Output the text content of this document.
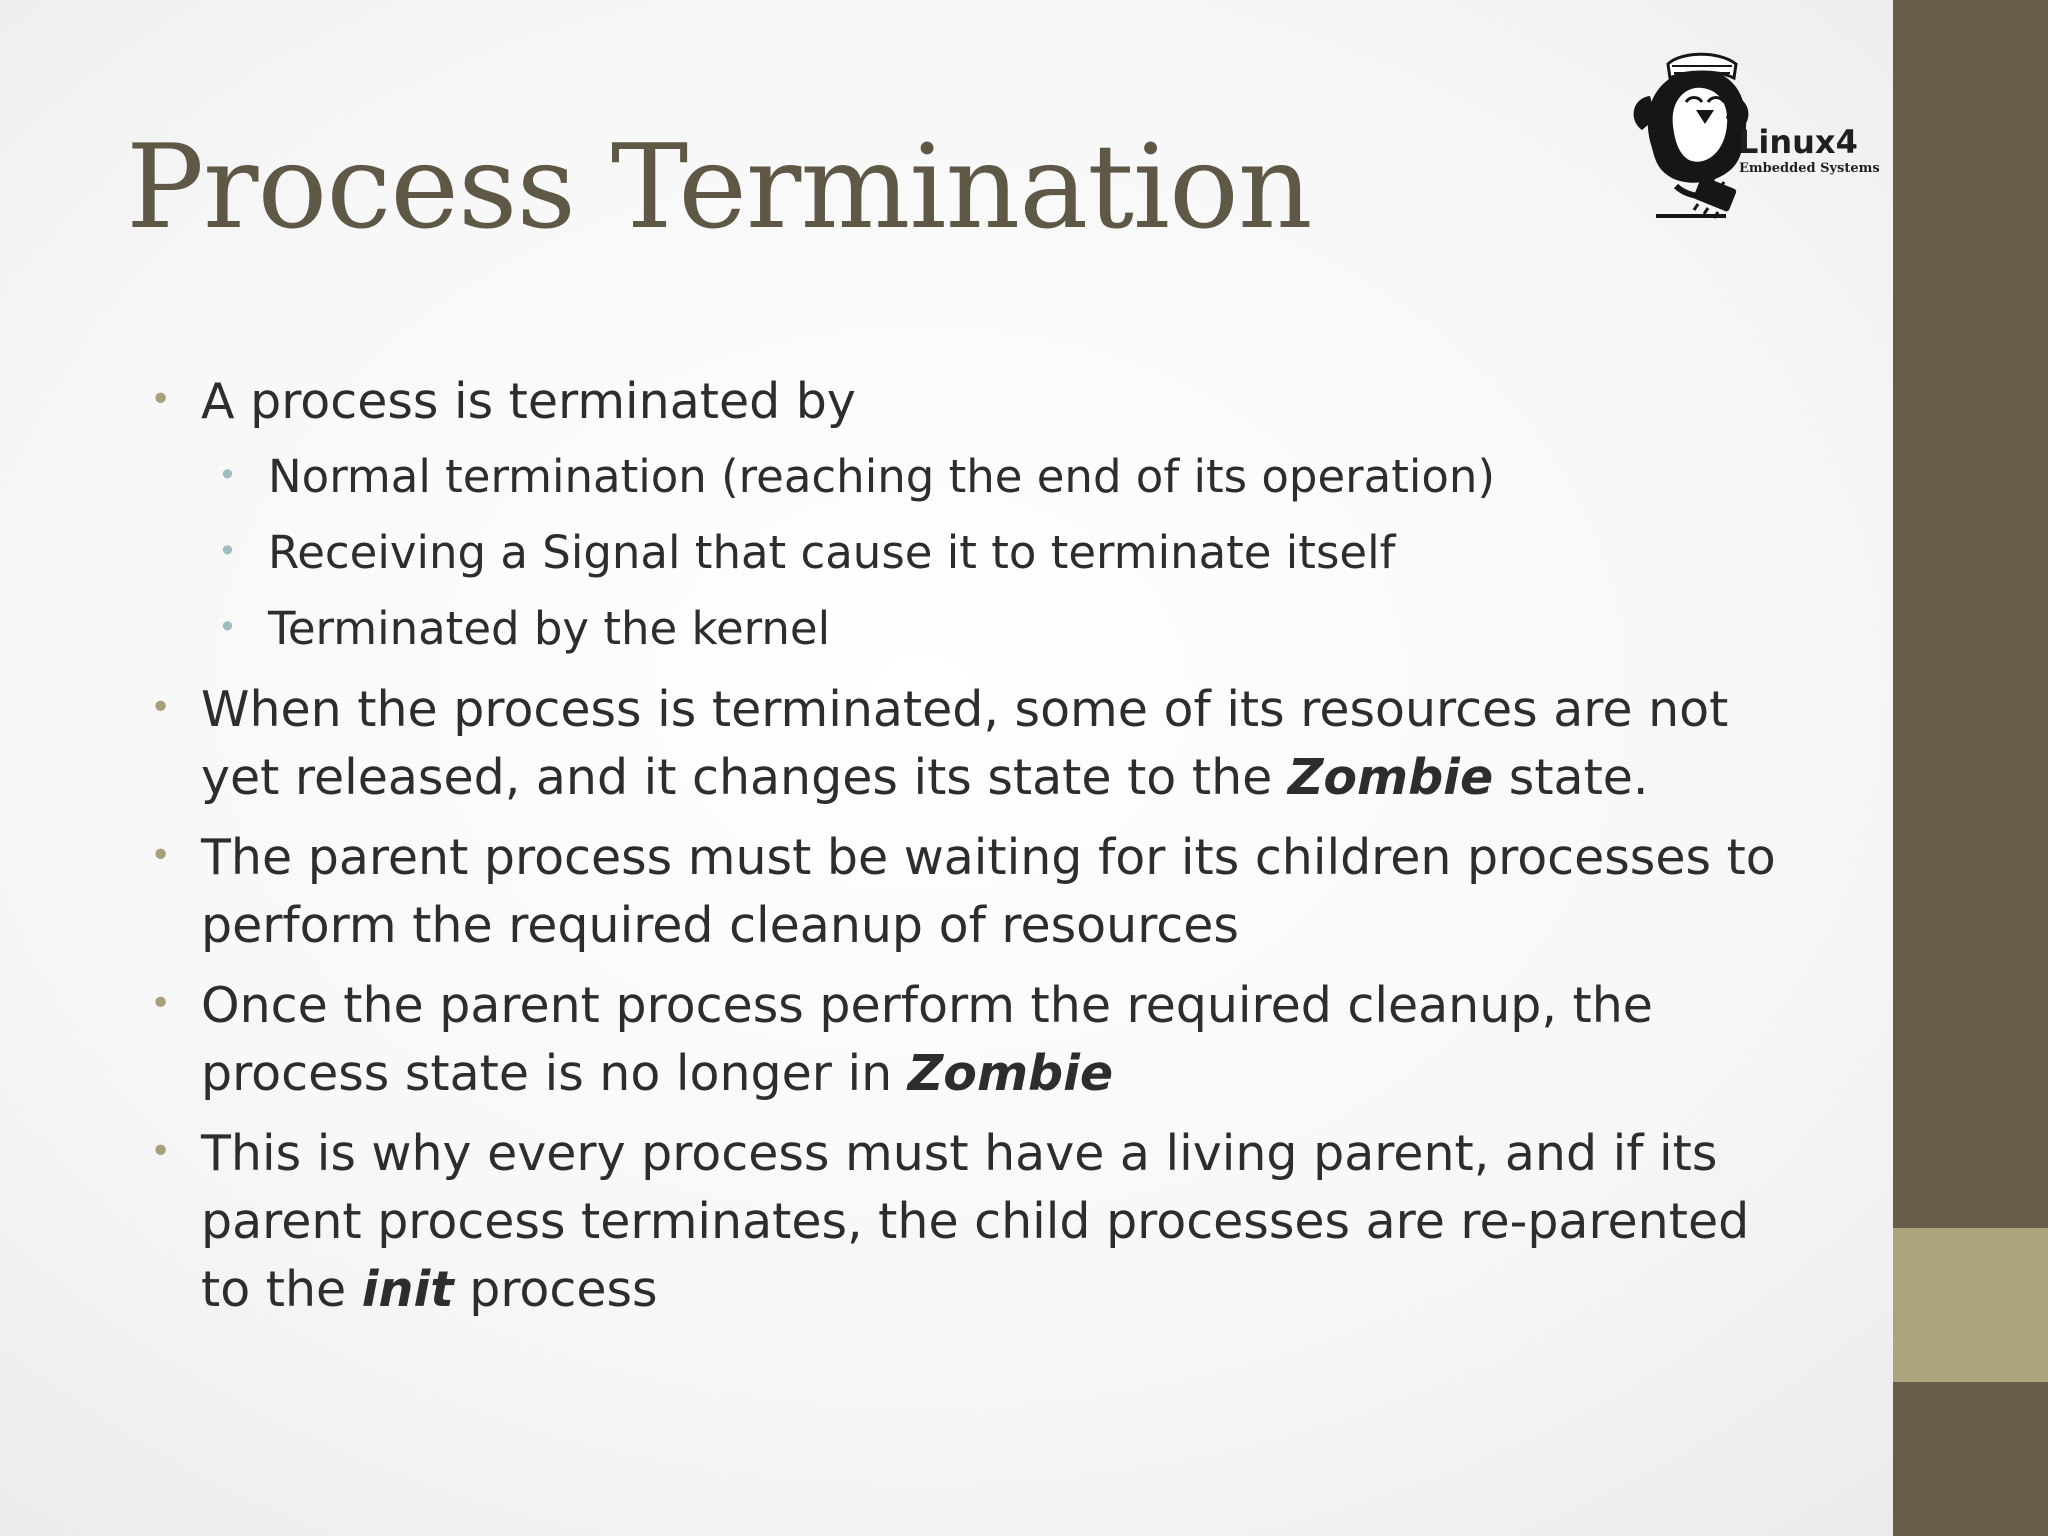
Process Termination	Linux4
Embedded Systems

• A process is terminated by

• Normal termination (reaching the end of its operation)

• Receiving a Signal that cause it to terminate itself

• Terminated by the kernel

• When the process is terminated, some of its resources are not yet released, and it changes its state to the Zombie state.

• The parent process must be waiting for its children processes to perform the required cleanup of resources

• Once the parent process perform the required cleanup, the process state is no longer in Zombie

• This is why every process must have a living parent, and if its parent process terminates, the child processes are re-parented to the init process
